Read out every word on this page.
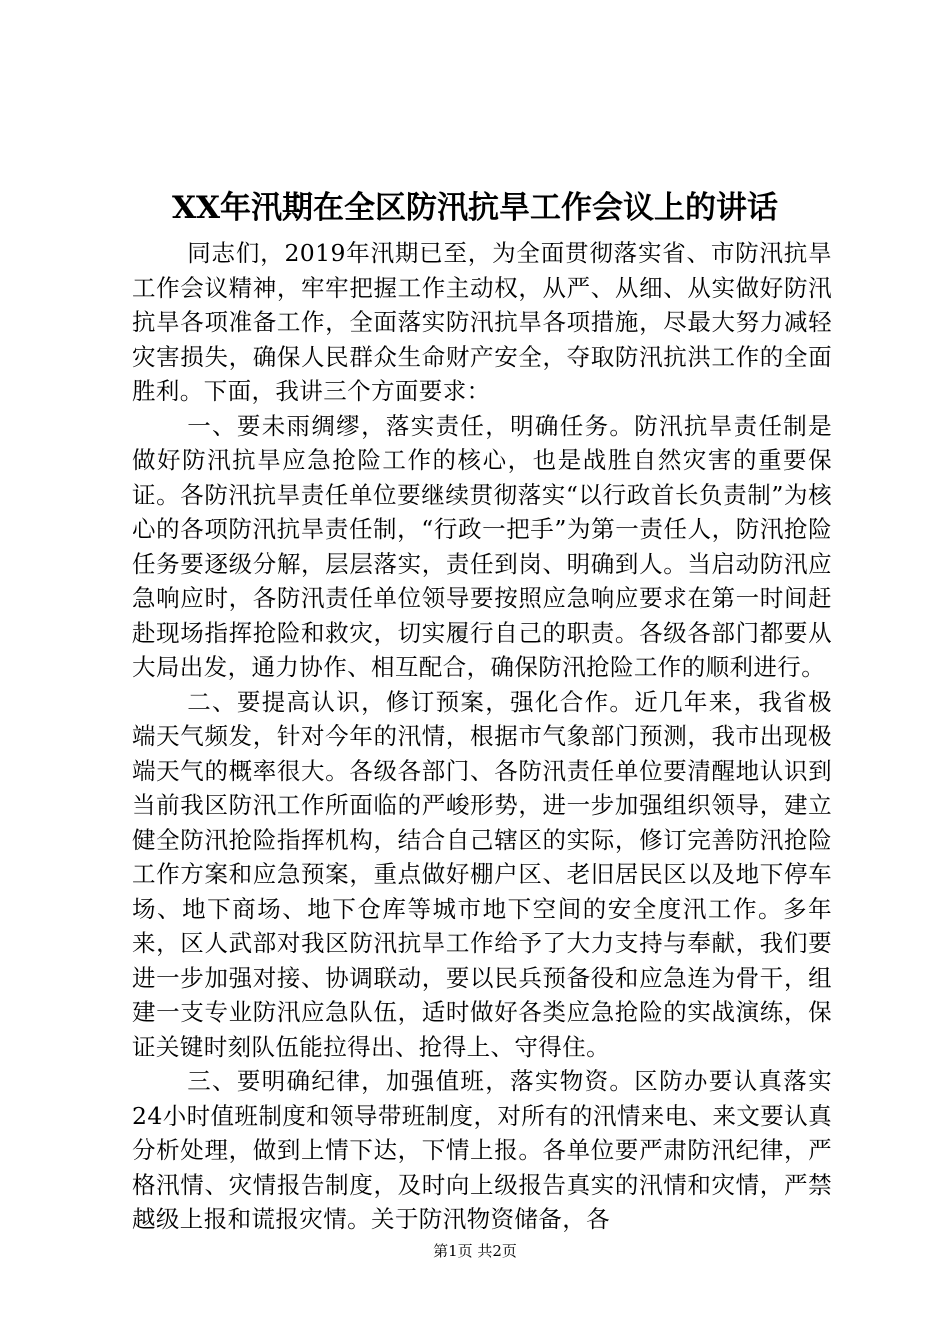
XX年汛期在全区防汛抗旱工作会议上的讲话

同志们，2019年汛期已至，为全面贯彻落实省、市防汛抗旱工作会议精神，牢牢把握工作主动权，从严、从细、从实做好防汛抗旱各项准备工作，全面落实防汛抗旱各项措施，尽最大努力减轻灾害损失，确保人民群众生命财产安全，夺取防汛抗洪工作的全面胜利。下面，我讲三个方面要求：

一、要未雨绸缪，落实责任，明确任务。防汛抗旱责任制是做好防汛抗旱应急抢险工作的核心，也是战胜自然灾害的重要保证。各防汛抗旱责任单位要继续贯彻落实“以行政首长负责制”为核心的各项防汛抗旱责任制，“行政一把手”为第一责任人，防汛抢险任务要逐级分解，层层落实，责任到岗、明确到人。当启动防汛应急响应时，各防汛责任单位领导要按照应急响应要求在第一时间赶赴现场指挥抢险和救灾，切实履行自己的职责。各级各部门都要从大局出发，通力协作、相互配合，确保防汛抢险工作的顺利进行。

二、要提高认识，修订预案，强化合作。近几年来，我省极端天气频发，针对今年的汛情，根据市气象部门预测，我市出现极端天气的概率很大。各级各部门、各防汛责任单位要清醒地认识到当前我区防汛工作所面临的严峻形势，进一步加强组织领导，建立健全防汛抢险指挥机构，结合自己辖区的实际，修订完善防汛抢险工作方案和应急预案，重点做好棚户区、老旧居民区以及地下停车场、地下商场、地下仓库等城市地下空间的安全度汛工作。多年来，区人武部对我区防汛抗旱工作给予了大力支持与奉献，我们要进一步加强对接、协调联动，要以民兵预备役和应急连为骨干，组建一支专业防汛应急队伍，适时做好各类应急抢险的实战演练，保证关键时刻队伍能拉得出、抢得上、守得住。

三、要明确纪律，加强值班，落实物资。区防办要认真落实24小时值班制度和领导带班制度，对所有的汛情来电、来文要认真分析处理，做到上情下达，下情上报。各单位要严肃防汛纪律，严格汛情、灾情报告制度，及时向上级报告真实的汛情和灾情，严禁越级上报和谎报灾情。关于防汛物资储备，各

第1页 共2页
